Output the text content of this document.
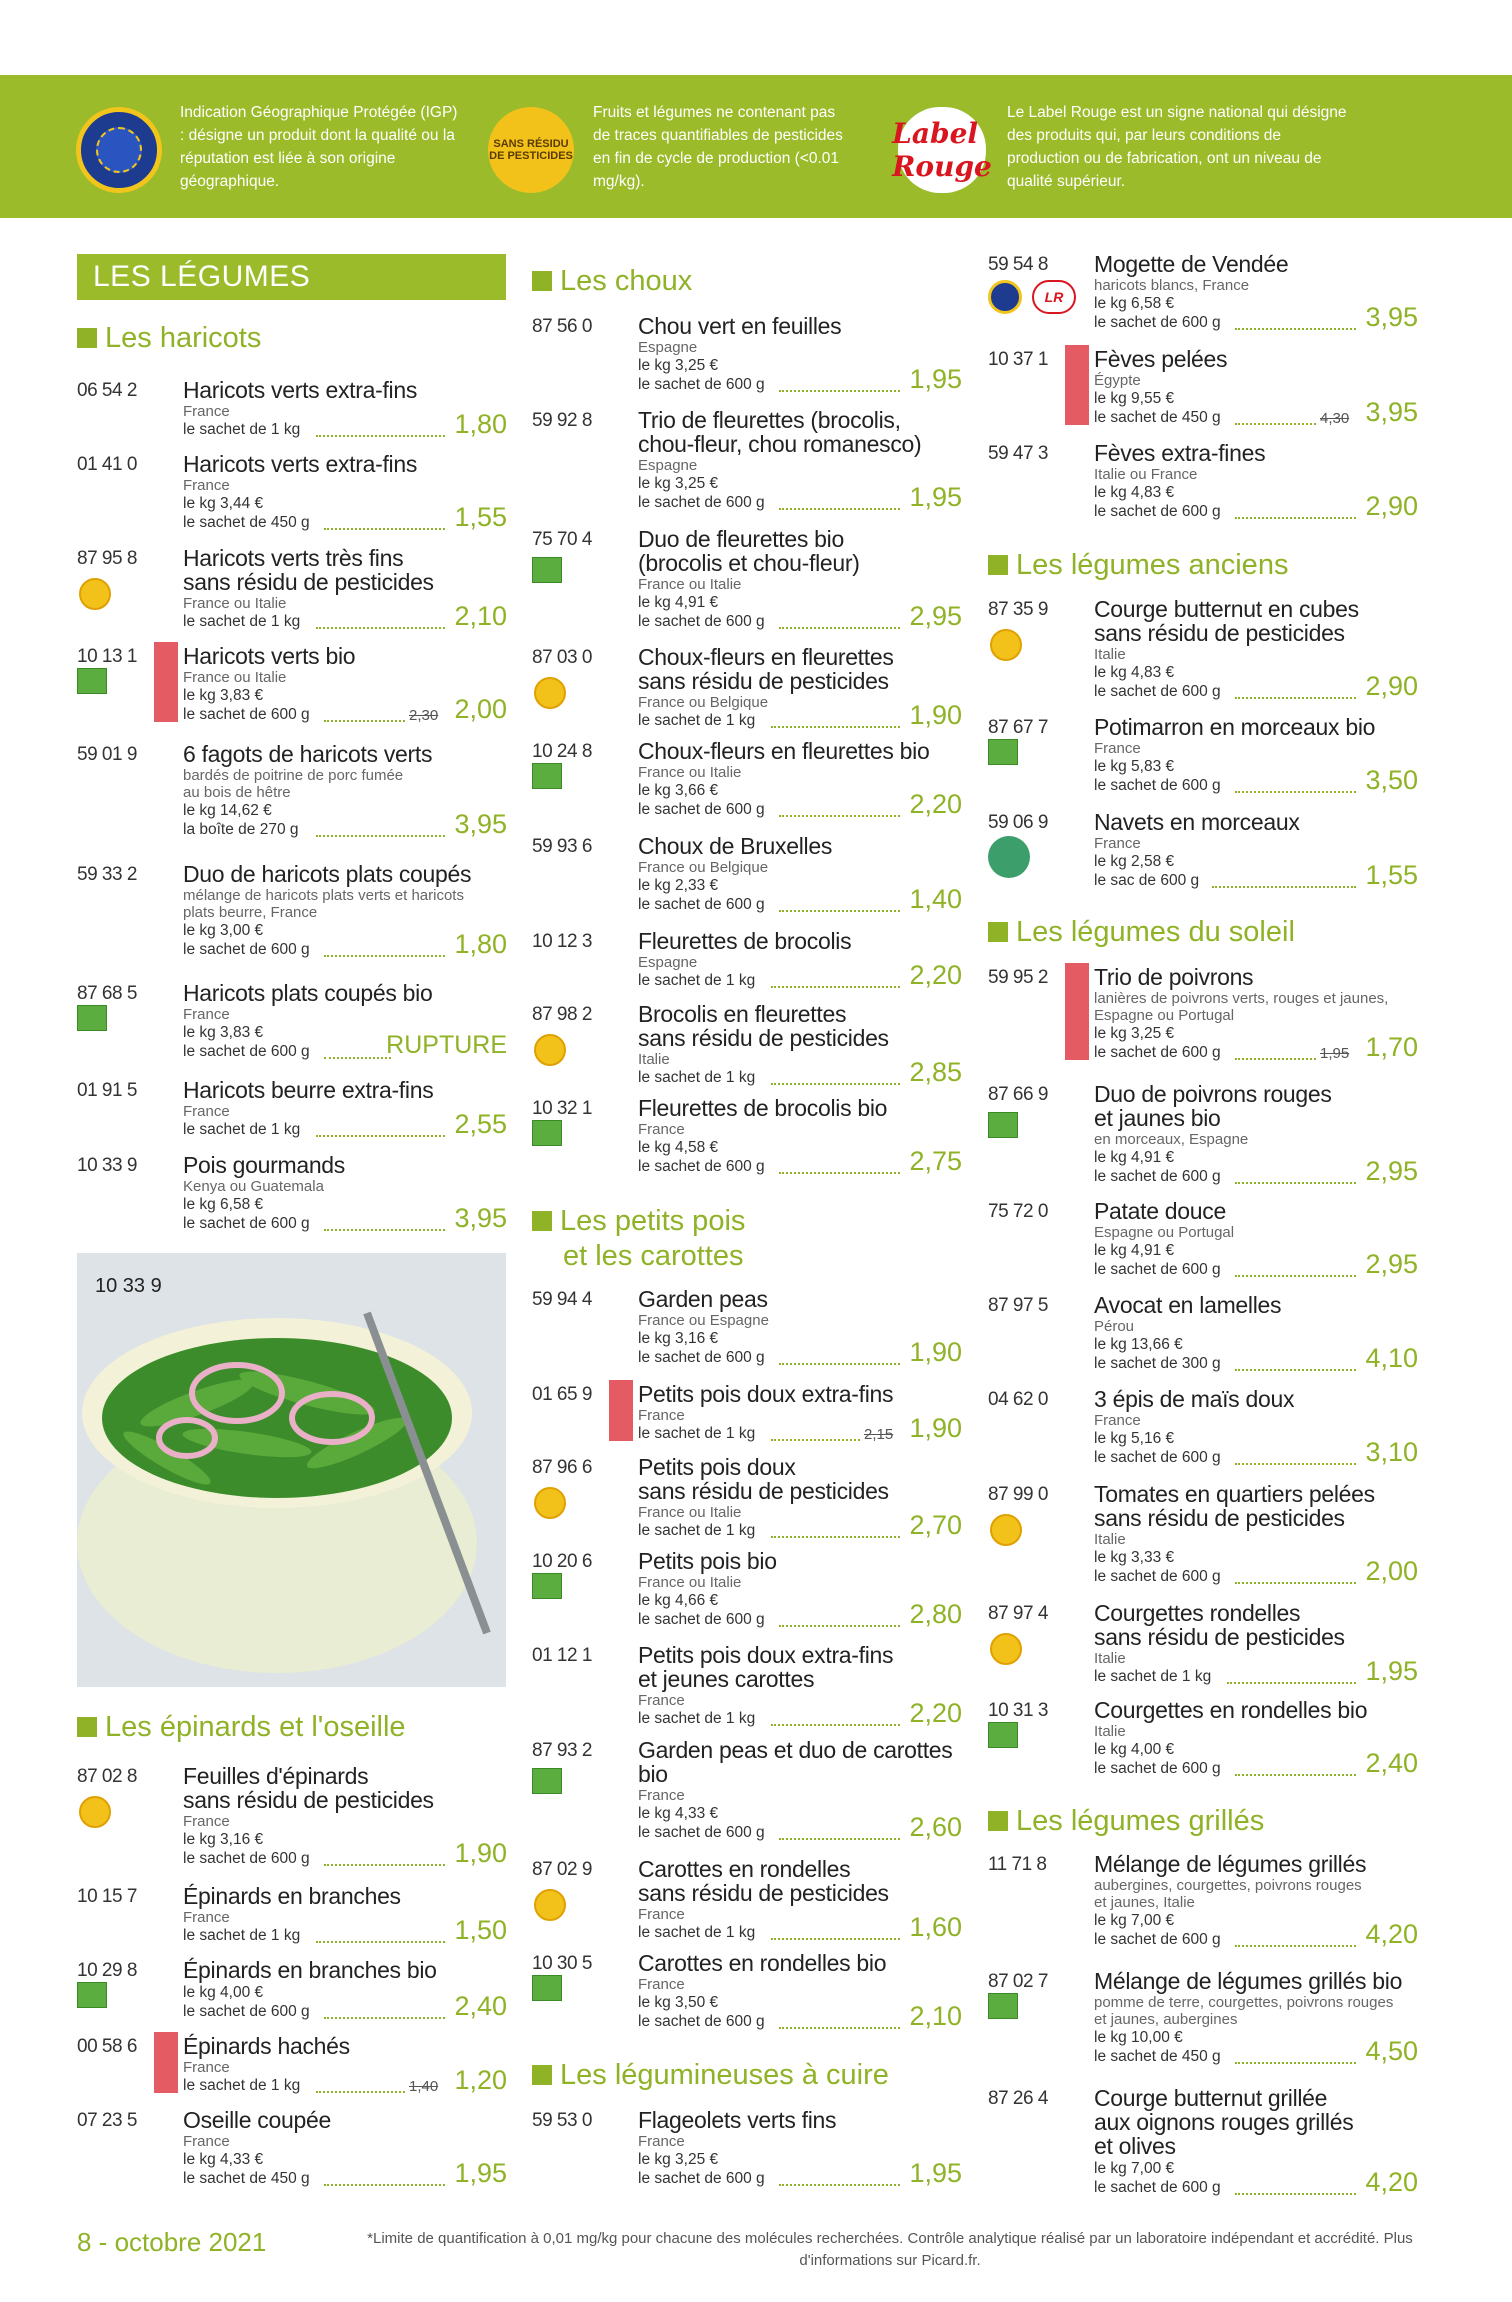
Indication Géographique Protégée (IGP) : désigne un produit dont la qualité ou la réputation est liée à son origine géographique.
SANS RÉSIDU DE PESTICIDES
Fruits et légumes ne contenant pas de traces quantifiables de pesticides en fin de cycle de production (<0.01 mg/kg).
Label Rouge
Le Label Rouge est un signe national qui désigne des produits qui, par leurs conditions de production ou de fabrication, ont un niveau de qualité supérieur.
LES LÉGUMES
Les haricots
Les épinards et l'oseille
Les choux
Les petits pois
et les carottes
Les légumineuses à cuire
Les légumes anciens
Les légumes du soleil
Les légumes grillés
10 33 9
06 54 2 Haricots verts extra-fins
France
le sachet de 1 kg	1,80
01 41 0 Haricots verts extra-fins
France
le kg 3,44 €
le sachet de 450 g	1,55
87 95 8 Haricots verts très fins
sans résidu de pesticides
France ou Italie
le sachet de 1 kg	2,10
10 13 1 Haricots verts bio
France ou Italie
le kg 3,83 €
le sachet de 600 g	2,30 2,00
59 01 9 6 fagots de haricots verts
bardés de poitrine de porc fumée
au bois de hêtre
le kg 14,62 €
la boîte de 270 g	3,95
59 33 2 Duo de haricots plats coupés
mélange de haricots plats verts et haricots
plats beurre, France
le kg 3,00 €
le sachet de 600 g	1,80
87 68 5 Haricots plats coupés bio
France
le kg 3,83 €
le sachet de 600 g	RUPTURE
01 91 5 Haricots beurre extra-fins
France
le sachet de 1 kg	2,55
10 33 9 Pois gourmands
Kenya ou Guatemala
le kg 6,58 €
le sachet de 600 g	3,95
87 02 8 Feuilles d'épinards
sans résidu de pesticides
France
le kg 3,16 €
le sachet de 600 g	1,90
10 15 7 Épinards en branches
France
le sachet de 1 kg	1,50
10 29 8 Épinards en branches bio
le kg 4,00 €
le sachet de 600 g	2,40
00 58 6 Épinards hachés
France
le sachet de 1 kg	1,40 1,20
07 23 5 Oseille coupée
France
le kg 4,33 €
le sachet de 450 g	1,95
87 56 0 Chou vert en feuilles
Espagne
le kg 3,25 €
le sachet de 600 g	1,95
59 92 8 Trio de fleurettes (brocolis,
chou-fleur, chou romanesco)
Espagne
le kg 3,25 €
le sachet de 600 g	1,95
75 70 4 Duo de fleurettes bio
(brocolis et chou-fleur)
France ou Italie
le kg 4,91 €
le sachet de 600 g	2,95
87 03 0 Choux-fleurs en fleurettes
sans résidu de pesticides
France ou Belgique
le sachet de 1 kg	1,90
10 24 8 Choux-fleurs en fleurettes bio
France ou Italie
le kg 3,66 €
le sachet de 600 g	2,20
59 93 6 Choux de Bruxelles
France ou Belgique
le kg 2,33 €
le sachet de 600 g	1,40
10 12 3 Fleurettes de brocolis
Espagne
le sachet de 1 kg	2,20
87 98 2 Brocolis en fleurettes
sans résidu de pesticides
Italie
le sachet de 1 kg	2,85
10 32 1 Fleurettes de brocolis bio
France
le kg 4,58 €
le sachet de 600 g	2,75
59 94 4 Garden peas
France ou Espagne
le kg 3,16 €
le sachet de 600 g	1,90
01 65 9 Petits pois doux extra-fins
France
le sachet de 1 kg	2,15 1,90
87 96 6 Petits pois doux
sans résidu de pesticides
France ou Italie
le sachet de 1 kg	2,70
10 20 6 Petits pois bio
France ou Italie
le kg 4,66 €
le sachet de 600 g	2,80
01 12 1 Petits pois doux extra-fins
et jeunes carottes
France
le sachet de 1 kg	2,20
87 93 2 Garden peas et duo de carottes
bio
France
le kg 4,33 €
le sachet de 600 g	2,60
87 02 9 Carottes en rondelles
sans résidu de pesticides
France
le sachet de 1 kg	1,60
10 30 5 Carottes en rondelles bio
France
le kg 3,50 €
le sachet de 600 g	2,10
59 53 0 Flageolets verts fins
France
le kg 3,25 €
le sachet de 600 g	1,95
59 54 8 Mogette de Vendée
haricots blancs, France
le kg 6,58 €
le sachet de 600 g	3,95
LR
10 37 1 Fèves pelées
Égypte
le kg 9,55 €
le sachet de 450 g	4,30 3,95
59 47 3 Fèves extra-fines
Italie ou France
le kg 4,83 €
le sachet de 600 g	2,90
87 35 9 Courge butternut en cubes
sans résidu de pesticides
Italie
le kg 4,83 €
le sachet de 600 g	2,90
87 67 7 Potimarron en morceaux bio
France
le kg 5,83 €
le sachet de 600 g	3,50
59 06 9 Navets en morceaux
France
le kg 2,58 €
le sac de 600 g	1,55
59 95 2 Trio de poivrons
lanières de poivrons verts, rouges et jaunes,
Espagne ou Portugal
le kg 3,25 €
le sachet de 600 g	1,95 1,70
87 66 9 Duo de poivrons rouges
et jaunes bio
en morceaux, Espagne
le kg 4,91 €
le sachet de 600 g	2,95
75 72 0 Patate douce
Espagne ou Portugal
le kg 4,91 €
le sachet de 600 g	2,95
87 97 5 Avocat en lamelles
Pérou
le kg 13,66 €
le sachet de 300 g	4,10
04 62 0 3 épis de maïs doux
France
le kg 5,16 €
le sachet de 600 g	3,10
87 99 0 Tomates en quartiers pelées
sans résidu de pesticides
Italie
le kg 3,33 €
le sachet de 600 g	2,00
87 97 4 Courgettes rondelles
sans résidu de pesticides
Italie
le sachet de 1 kg	1,95
10 31 3 Courgettes en rondelles bio
Italie
le kg 4,00 €
le sachet de 600 g	2,40
11 71 8 Mélange de légumes grillés
aubergines, courgettes, poivrons rouges
et jaunes, Italie
le kg 7,00 €
le sachet de 600 g	4,20
87 02 7 Mélange de légumes grillés bio
pomme de terre, courgettes, poivrons rouges
et jaunes, aubergines
le kg 10,00 €
le sachet de 450 g	4,50
87 26 4 Courge butternut grillée
aux oignons rouges grillés
et olives
le kg 7,00 €
le sachet de 600 g	4,20
8 - octobre 2021	*Limite de quantification à 0,01 mg/kg pour chacune des molécules recherchées. Contrôle analytique réalisé par un laboratoire indépendant et accrédité. Plus d'informations sur Picard.fr.
